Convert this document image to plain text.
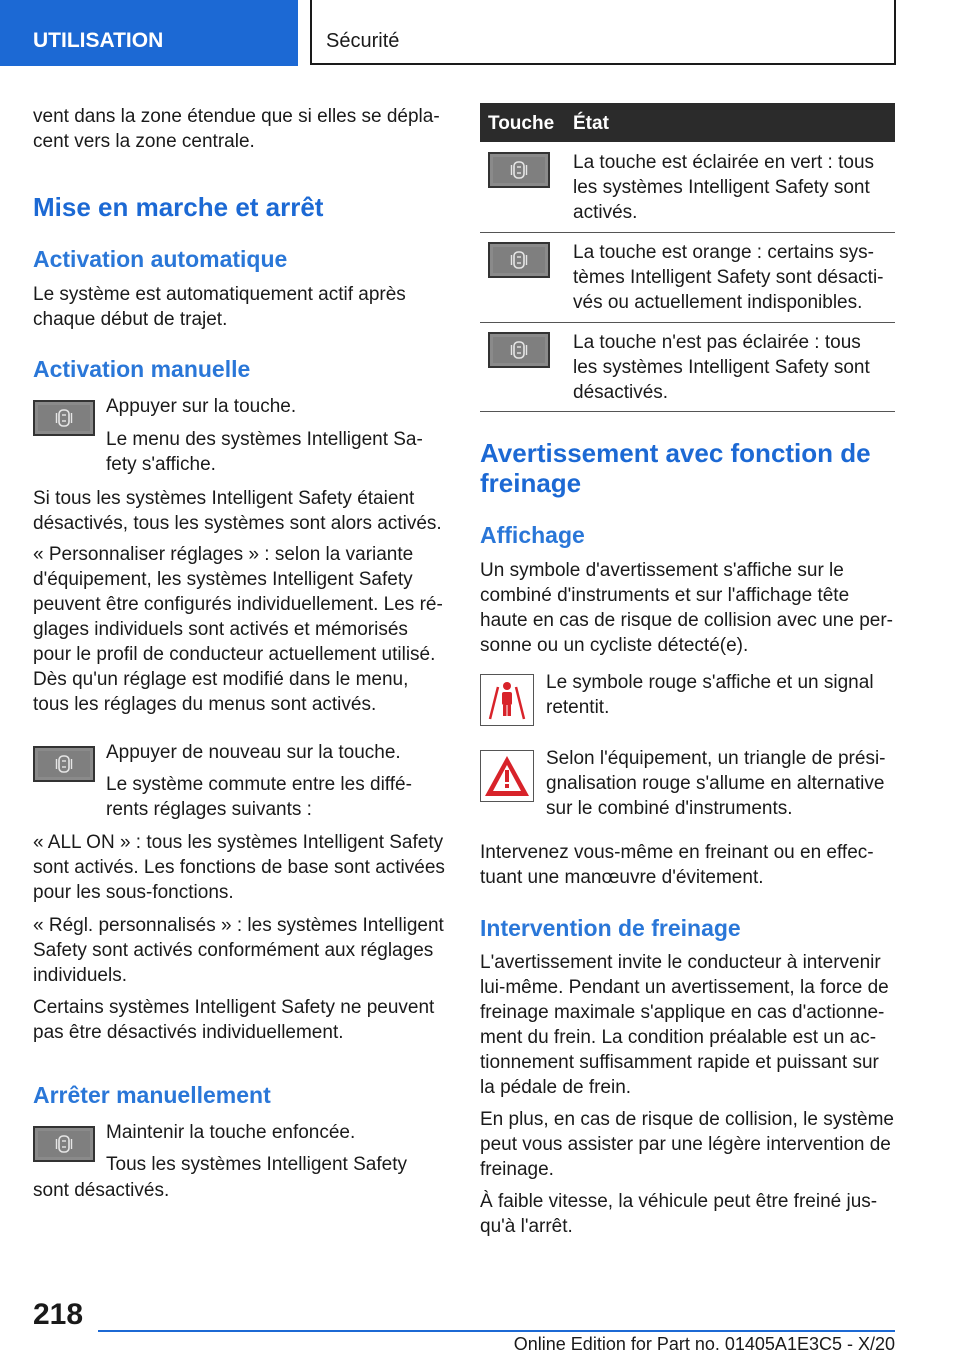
UTILISATION	Sécurité

vent dans la zone étendue que si elles se dépla-
cent vers la zone centrale.

Mise en marche et arrêt
Activation automatique

Le système est automatiquement actif après
chaque début de trajet.

Activation manuelle

Appuyer sur la touche.

Le menu des systèmes Intelligent Sa-
fety s'affiche.

Si tous les systèmes Intelligent Safety étaient
désactivés, tous les systèmes sont alors activés.

« Personnaliser réglages » : selon la variante
d'équipement, les systèmes Intelligent Safety
peuvent être configurés individuellement. Les ré-
glages individuels sont activés et mémorisés
pour le profil de conducteur actuellement utilisé.
Dès qu'un réglage est modifié dans le menu,
tous les réglages du menus sont activés.

Appuyer de nouveau sur la touche.

Le système commute entre les diffé-
rents réglages suivants :

« ALL ON » : tous les systèmes Intelligent Safety
sont activés. Les fonctions de base sont activées
pour les sous-fonctions.

« Régl. personnalisés » : les systèmes Intelligent
Safety sont activés conformément aux réglages
individuels.

Certains systèmes Intelligent Safety ne peuvent
pas être désactivés individuellement.

Arrêter manuellement

Maintenir la touche enfoncée.

Tous les systèmes Intelligent Safety

sont désactivés.

Touche État

La touche est éclairée en vert : tous
les systèmes Intelligent Safety sont
activés.

La touche est orange : certains sys-
tèmes Intelligent Safety sont désacti-
vés ou actuellement indisponibles.

La touche n'est pas éclairée : tous
les systèmes Intelligent Safety sont
désactivés.

Avertissement avec fonction de
freinage
Affichage

Un symbole d'avertissement s'affiche sur le
combiné d'instruments et sur l'affichage tête
haute en cas de risque de collision avec une per-
sonne ou un cycliste détecté(e).

Le symbole rouge s'affiche et un signal
retentit.

Selon l'équipement, un triangle de prési-
gnalisation rouge s'allume en alternative
sur le combiné d'instruments.

Intervenez vous-même en freinant ou en effec-
tuant une manœuvre d'évitement.

Intervention de freinage

L'avertissement invite le conducteur à intervenir
lui-même. Pendant un avertissement, la force de
freinage maximale s'applique en cas d'actionne-
ment du frein. La condition préalable est un ac-
tionnement suffisamment rapide et puissant sur
la pédale de frein.

En plus, en cas de risque de collision, le système
peut vous assister par une légère intervention de
freinage.

À faible vitesse, la véhicule peut être freiné jus-
qu'à l'arrêt.

218
Online Edition for Part no. 01405A1E3C5 - X/20
